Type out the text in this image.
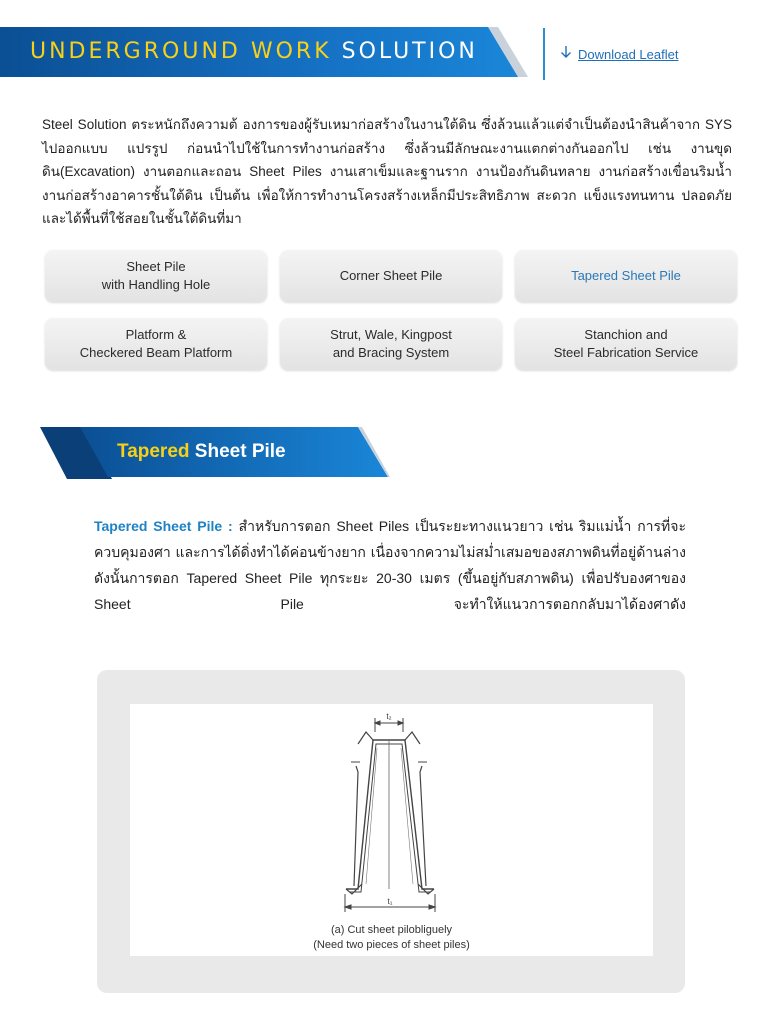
UNDERGROUND WORK SOLUTION	Download Leaflet

Steel Solution ตระหนักถึงความต้ องการของผู้รับเหมาก่อสร้างในงานใต้ดิน ซึ่งล้วนแล้วแต่จำเป็นต้องนำสินค้าจาก SYS ไปออกแบบ แปรรูป ก่อนนำไปใช้ในการทำงานก่อสร้าง ซึ่งล้วนมีลักษณะงานแตกต่างกันออกไป เช่น งานขุดดิน(Excavation) งานตอกและถอน Sheet Piles งานเสาเข็มและฐานราก งานป้องกันดินทลาย งานก่อสร้างเขื่อนริมน้ำ งานก่อสร้างอาคารชั้นใต้ดิน เป็นต้น เพื่อให้การทำงานโครงสร้างเหล็กมีประสิทธิภาพ สะดวก แข็งแรงทนทาน ปลอดภัย และได้พื้นที่ใช้สอยในชั้นใต้ดินที่มา

Sheet Pile
with Handling Hole
Corner Sheet Pile	Tapered Sheet Pile
Platform &
Checkered Beam Platform
Strut, Wale, Kingpost
and Bracing System
Stanchion and
Steel Fabrication Service
Tapered Sheet Pile

Tapered Sheet Pile : สำหรับการตอก Sheet Piles เป็นระยะทางแนวยาว เช่น ริมแม่น้ำ การที่จะควบคุมองศา และการได้ดิ่งทำได้ค่อนข้างยาก เนื่องจากความไม่สม่ำเสมอของสภาพดินที่อยู่ด้านล่าง ดังนั้นการตอก Tapered Sheet Pile ทุกระยะ 20-30 เมตร (ขึ้นอยู่กับสภาพดิน) เพื่อปรับองศาของ Sheet Pile จะทำให้แนวการตอกกลับมาได้องศาดัง

t₂
t₁
(a) Cut sheet pilobliguely
(Need two pieces of sheet piles)
